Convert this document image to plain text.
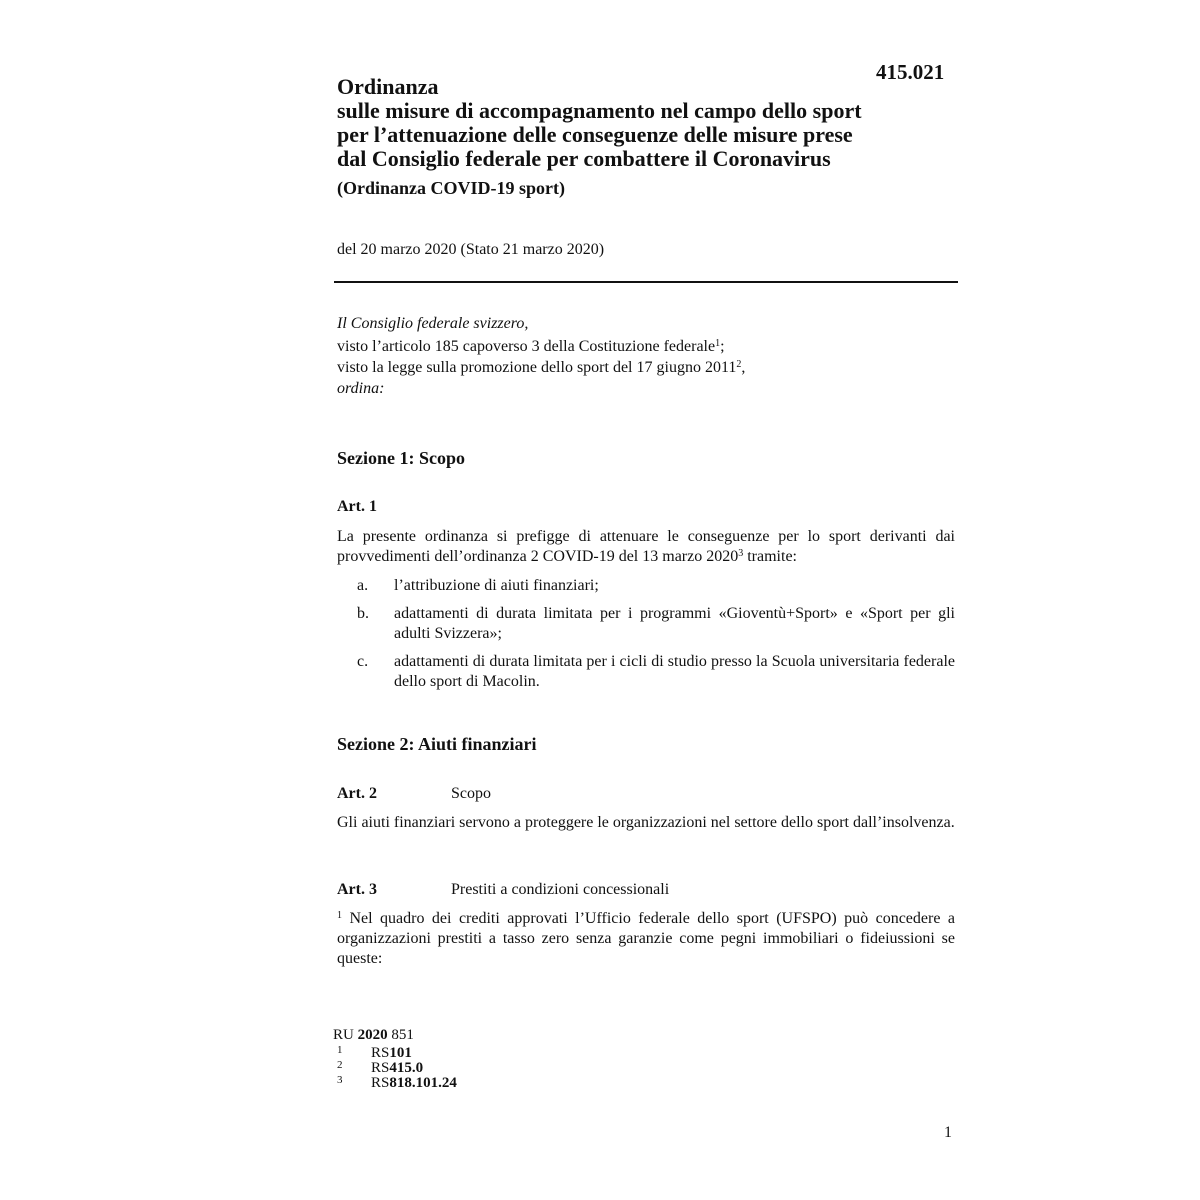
415.021
Ordinanza
sulle misure di accompagnamento nel campo dello sport
per l’attenuazione delle conseguenze delle misure prese
dal Consiglio federale per combattere il Coronavirus
(Ordinanza COVID-19 sport)
del 20 marzo 2020 (Stato 21 marzo 2020)
Il Consiglio federale svizzero,
visto l’articolo 185 capoverso 3 della Costituzione federale$^1$;
visto la legge sulla promozione dello sport del 17 giugno 2011$^2$,
ordina:
Sezione 1: Scopo
Art. 1
La presente ordinanza si prefigge di attenuare le conseguenze per lo sport derivanti dai provvedimenti dell’ordinanza 2 COVID-19 del 13 marzo 2020$^3$ tramite:
a.	l’attribuzione di aiuti finanziari;
b.	adattamenti di durata limitata per i programmi «Gioventù+Sport» e «Sport per gli adulti Svizzera»;
c.	adattamenti di durata limitata per i cicli di studio presso la Scuola universitaria federale dello sport di Macolin.
Sezione 2: Aiuti finanziari
Art. 2	Scopo
Gli aiuti finanziari servono a proteggere le organizzazioni nel settore dello sport dall’insolvenza.
Art. 3	Prestiti a condizioni concessionali
$^1$ Nel quadro dei crediti approvati l’Ufficio federale dello sport (UFSPO) può concedere a organizzazioni prestiti a tasso zero senza garanzie come pegni immobiliari o fideiussioni se queste:
RU 2020 851
1	RS 101
2	RS 415.0
3	RS 818.101.24
1
